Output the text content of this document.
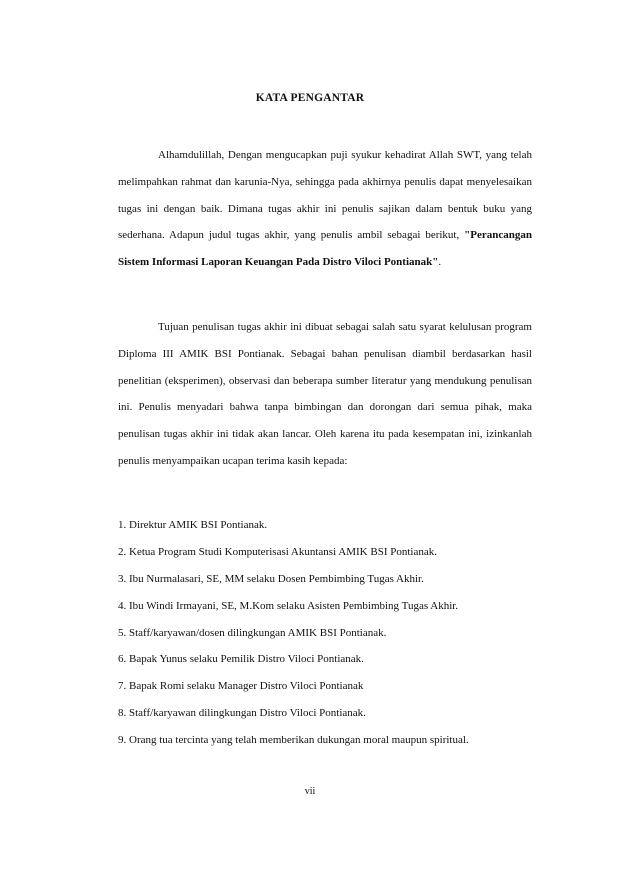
KATA PENGANTAR

Alhamdulillah, Dengan mengucapkan puji syukur kehadirat Allah SWT, yang telah melimpahkan rahmat dan karunia-Nya, sehingga pada akhirnya penulis dapat menyelesaikan tugas ini dengan baik. Dimana tugas akhir ini penulis sajikan dalam bentuk buku yang sederhana. Adapun judul tugas akhir, yang penulis ambil sebagai berikut, "Perancangan Sistem Informasi Laporan Keuangan Pada Distro Viloci Pontianak".

Tujuan penulisan tugas akhir ini dibuat sebagai salah satu syarat kelulusan program Diploma III AMIK BSI Pontianak. Sebagai bahan penulisan diambil berdasarkan hasil penelitian (eksperimen), observasi dan beberapa sumber literatur yang mendukung penulisan ini. Penulis menyadari bahwa tanpa bimbingan dan dorongan dari semua pihak, maka penulisan tugas akhir ini tidak akan lancar. Oleh karena itu pada kesempatan ini, izinkanlah penulis menyampaikan ucapan terima kasih kepada:

1. Direktur AMIK BSI Pontianak.
2. Ketua Program Studi Komputerisasi Akuntansi AMIK BSI Pontianak.
3. Ibu Nurmalasari, SE, MM selaku Dosen Pembimbing Tugas Akhir.
4. Ibu Windi Irmayani, SE, M.Kom selaku Asisten Pembimbing Tugas Akhir.
5. Staff/karyawan/dosen dilingkungan AMIK BSI Pontianak.
6. Bapak Yunus selaku Pemilik Distro Viloci Pontianak.
7. Bapak Romi selaku Manager Distro Viloci Pontianak
8. Staff/karyawan dilingkungan Distro Viloci Pontianak.
9. Orang tua tercinta yang telah memberikan dukungan moral maupun spiritual.
vii
